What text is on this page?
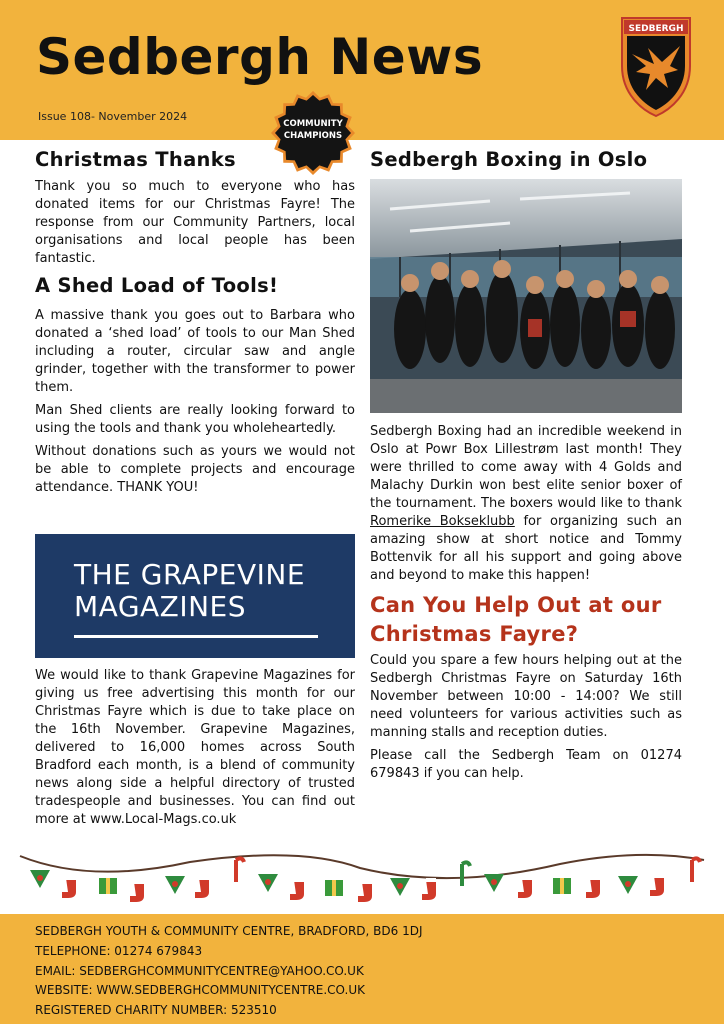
Sedbergh News
Issue 108- November 2024
SEDBERGH
COMMUNITY
CHAMPIONS
Christmas Thanks

Thank you so much to everyone who has donated items for our Christmas Fayre! The response from our Community Partners, local organisations and local people has been fantastic.

A Shed Load of Tools!

A massive thank you goes out to Barbara who donated a ‘shed load’ of tools to our Man Shed including a router, circular saw and angle grinder, together with the transformer to power them.

Man Shed clients are really looking forward to using the tools and thank you wholeheartedly.

Without donations such as yours we would not be able to complete projects and encourage attendance. THANK YOU!

THE GRAPEVINE
MAGAZINES

We would like to thank Grapevine Magazines for giving us free advertising this month for our Christmas Fayre which is due to take place on the 16th November. Grapevine Magazines, delivered to 16,000 homes across South Bradford each month, is a blend of community news along side a helpful directory of trusted tradespeople and businesses. You can find out more at www.Local-Mags.co.uk

Sedbergh Boxing in Oslo

Sedbergh Boxing had an incredible weekend in Oslo at Powr Box Lillestrøm last month! They were thrilled to come away with 4 Golds and Malachy Durkin won best elite senior boxer of the tournament. The boxers would like to thank Romerike Bokseklubb for organizing such an amazing show at short notice and Tommy Bottenvik for all his support and going above and beyond to make this happen!

Can You Help Out at our Christmas Fayre?

Could you spare a few hours helping out at the Sedbergh Christmas Fayre on Saturday 16th November between 10:00 - 14:00? We still need volunteers for various activities such as manning stalls and reception duties.

Please call the Sedbergh Team on 01274 679843 if you can help.

SEDBERGH YOUTH & COMMUNITY CENTRE, BRADFORD, BD6 1DJ
TELEPHONE: 01274 679843
EMAIL: SEDBERGHCOMMUNITYCENTRE@YAHOO.CO.UK
WEBSITE: WWW.SEDBERGHCOMMUNITYCENTRE.CO.UK
REGISTERED CHARITY NUMBER: 523510
